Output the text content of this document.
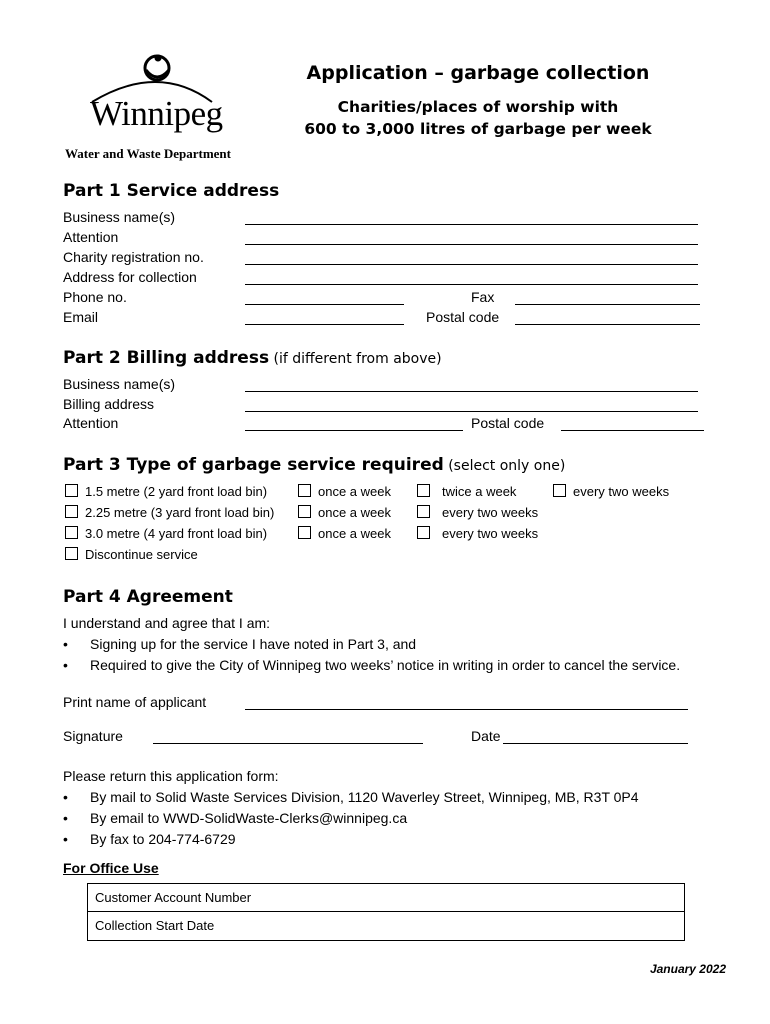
Winnipeg
Water and Waste Department
Application – garbage collection
Charities/places of worship with
600 to 3,000 litres of garbage per week
Part 1 Service address
Business name(s)
Attention
Charity registration no.
Address for collection
Phone no.	Fax
Email	Postal code
Part 2 Billing address (if different from above)
Business name(s)
Billing address
Attention	Postal code
Part 3 Type of garbage service required (select only one)
1.5 metre (2 yard front load bin)	once a week	twice a week	every two weeks
2.25 metre (3 yard front load bin)	once a week	every two weeks
3.0 metre (4 yard front load bin)	once a week	every two weeks
Discontinue service
Part 4 Agreement
I understand and agree that I am:
• Signing up for the service I have noted in Part 3, and
• Required to give the City of Winnipeg two weeks’ notice in writing in order to cancel the service.
Print name of applicant
Signature	Date
Please return this application form:
• By mail to Solid Waste Services Division, 1120 Waverley Street, Winnipeg, MB, R3T 0P4
• By email to WWD-SolidWaste-Clerks@winnipeg.ca
• By fax to 204-774-6729
For Office Use
Customer Account Number
Collection Start Date
January 2022
